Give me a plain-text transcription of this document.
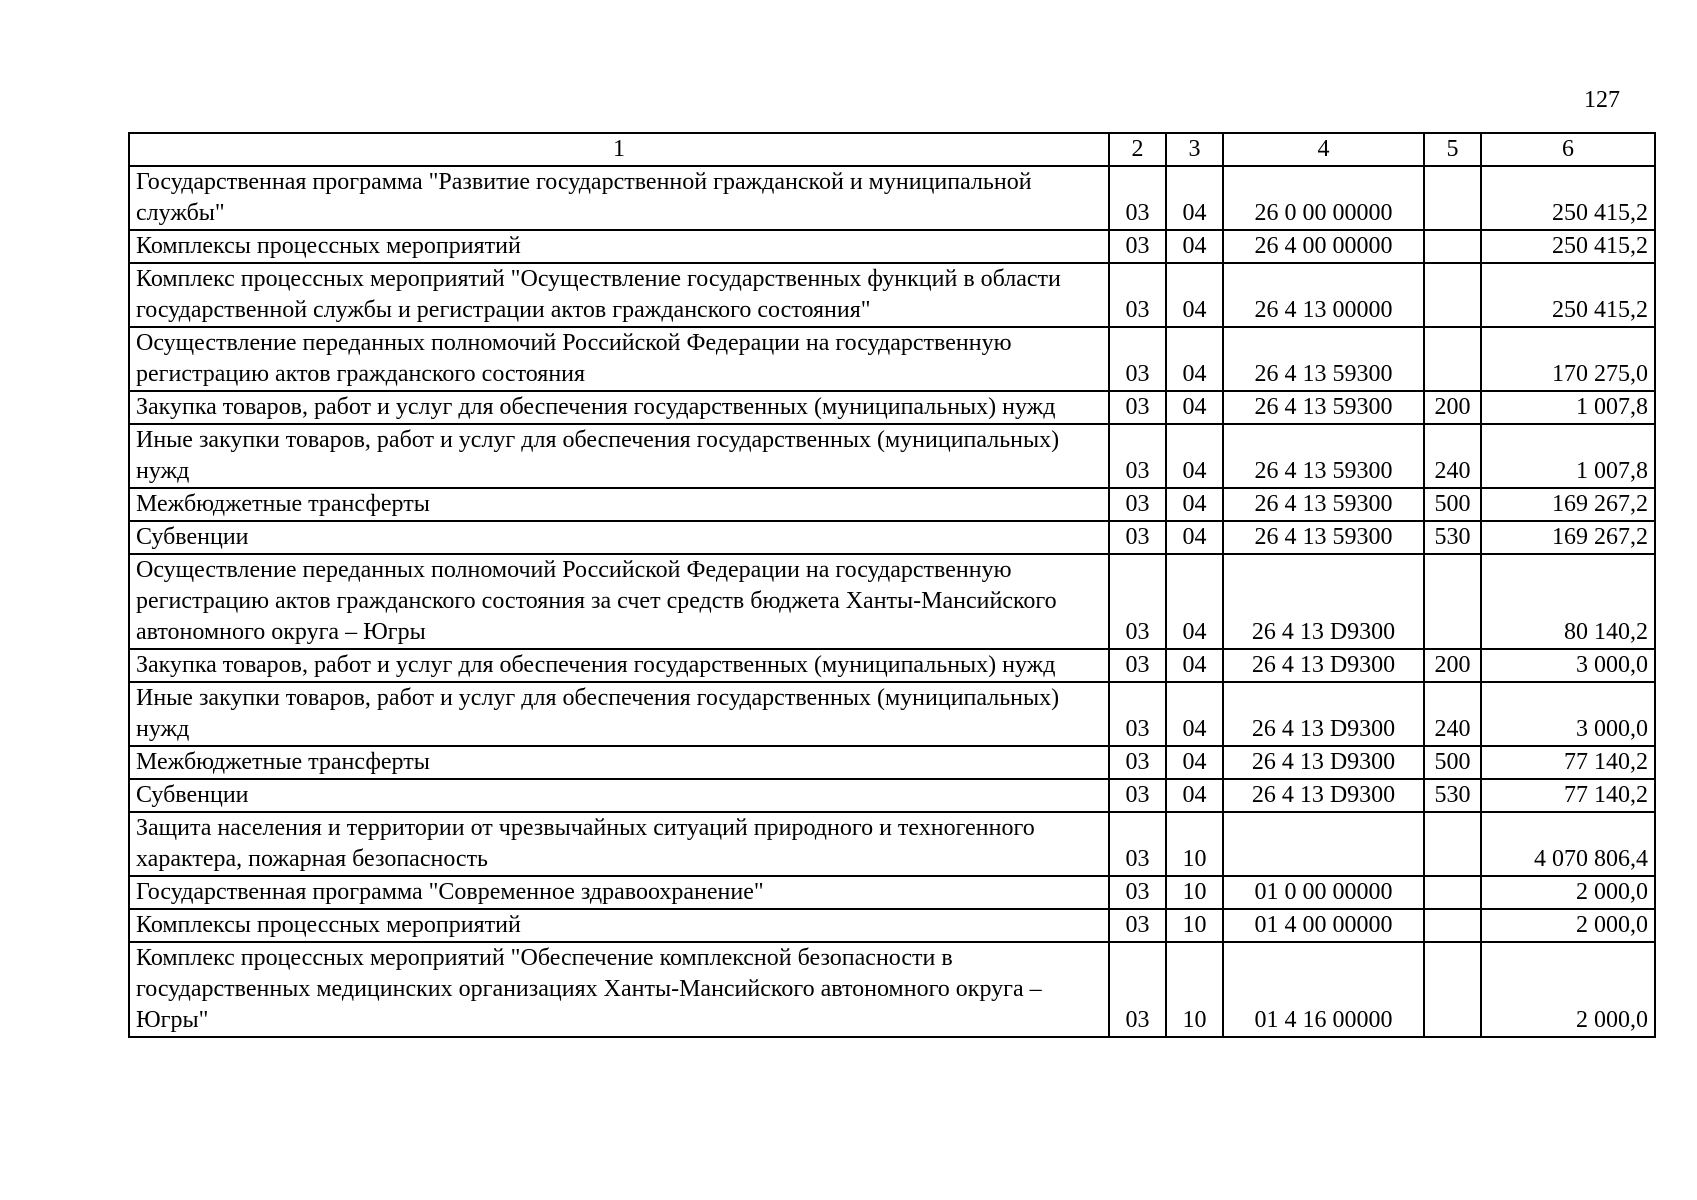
127
1	2	3	4	5	6
Государственная программа "Развитие государственной гражданской и муниципальной службы"	03	04	26 0 00 00000		250 415,2
Комплексы процессных мероприятий	03	04	26 4 00 00000		250 415,2
Комплекс процессных мероприятий "Осуществление государственных функций в области государственной службы и регистрации актов гражданского состояния"	03	04	26 4 13 00000		250 415,2
Осуществление переданных полномочий Российской Федерации на государственную регистрацию актов гражданского состояния	03	04	26 4 13 59300		170 275,0
Закупка товаров, работ и услуг для обеспечения государственных (муниципальных) нужд	03	04	26 4 13 59300	200	1 007,8
Иные закупки товаров, работ и услуг для обеспечения государственных (муниципальных) нужд	03	04	26 4 13 59300	240	1 007,8
Межбюджетные трансферты	03	04	26 4 13 59300	500	169 267,2
Субвенции	03	04	26 4 13 59300	530	169 267,2
Осуществление переданных полномочий Российской Федерации на государственную регистрацию актов гражданского состояния за счет средств бюджета Ханты-Мансийского автономного округа – Югры	03	04	26 4 13 D9300		80 140,2
Закупка товаров, работ и услуг для обеспечения государственных (муниципальных) нужд	03	04	26 4 13 D9300	200	3 000,0
Иные закупки товаров, работ и услуг для обеспечения государственных (муниципальных) нужд	03	04	26 4 13 D9300	240	3 000,0
Межбюджетные трансферты	03	04	26 4 13 D9300	500	77 140,2
Субвенции	03	04	26 4 13 D9300	530	77 140,2
Защита населения и территории от чрезвычайных ситуаций природного и техногенного характера, пожарная безопасность	03	10			4 070 806,4
Государственная программа "Современное здравоохранение"	03	10	01 0 00 00000		2 000,0
Комплексы процессных мероприятий	03	10	01 4 00 00000		2 000,0
Комплекс процессных мероприятий "Обеспечение комплексной безопасности в государственных медицинских организациях Ханты-Мансийского автономного округа – Югры"	03	10	01 4 16 00000		2 000,0
